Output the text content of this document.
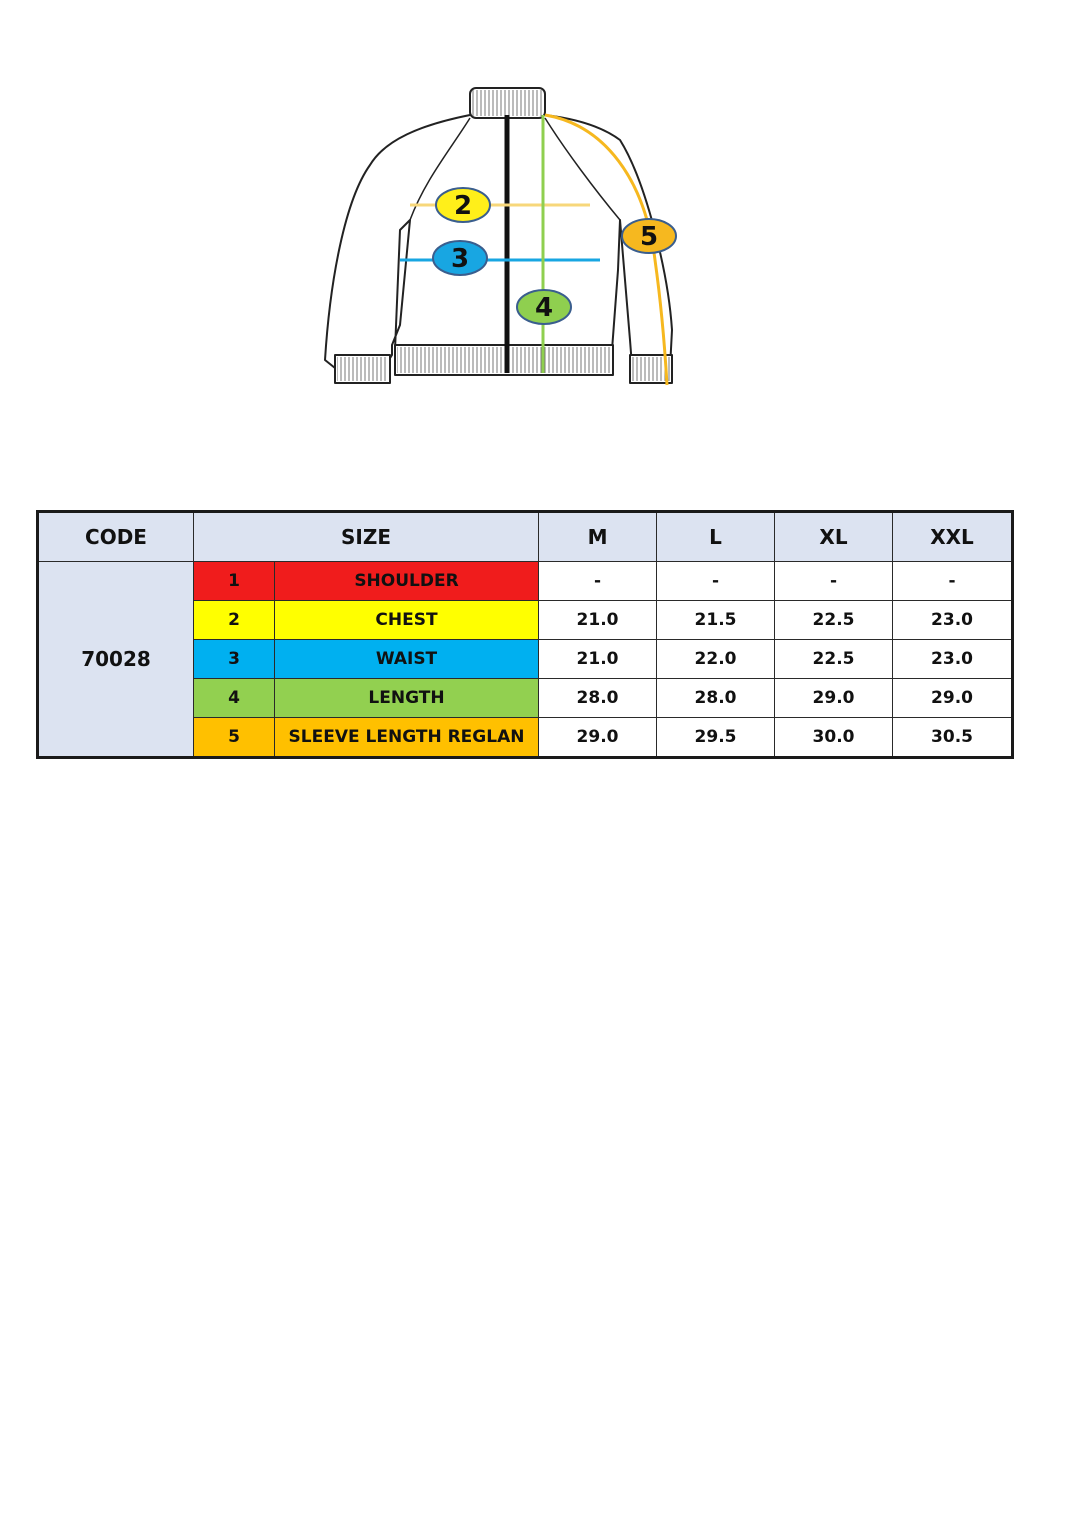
2
3
4
5
CODE	SIZE		M	L	XL	XXL
70028	1	SHOULDER	-	-	-	-
	2	CHEST	21.0	21.5	22.5	23.0
	3	WAIST	21.0	22.0	22.5	23.0
	4	LENGTH	28.0	28.0	29.0	29.0
	5	SLEEVE LENGTH REGLAN	29.0	29.5	30.0	30.5
